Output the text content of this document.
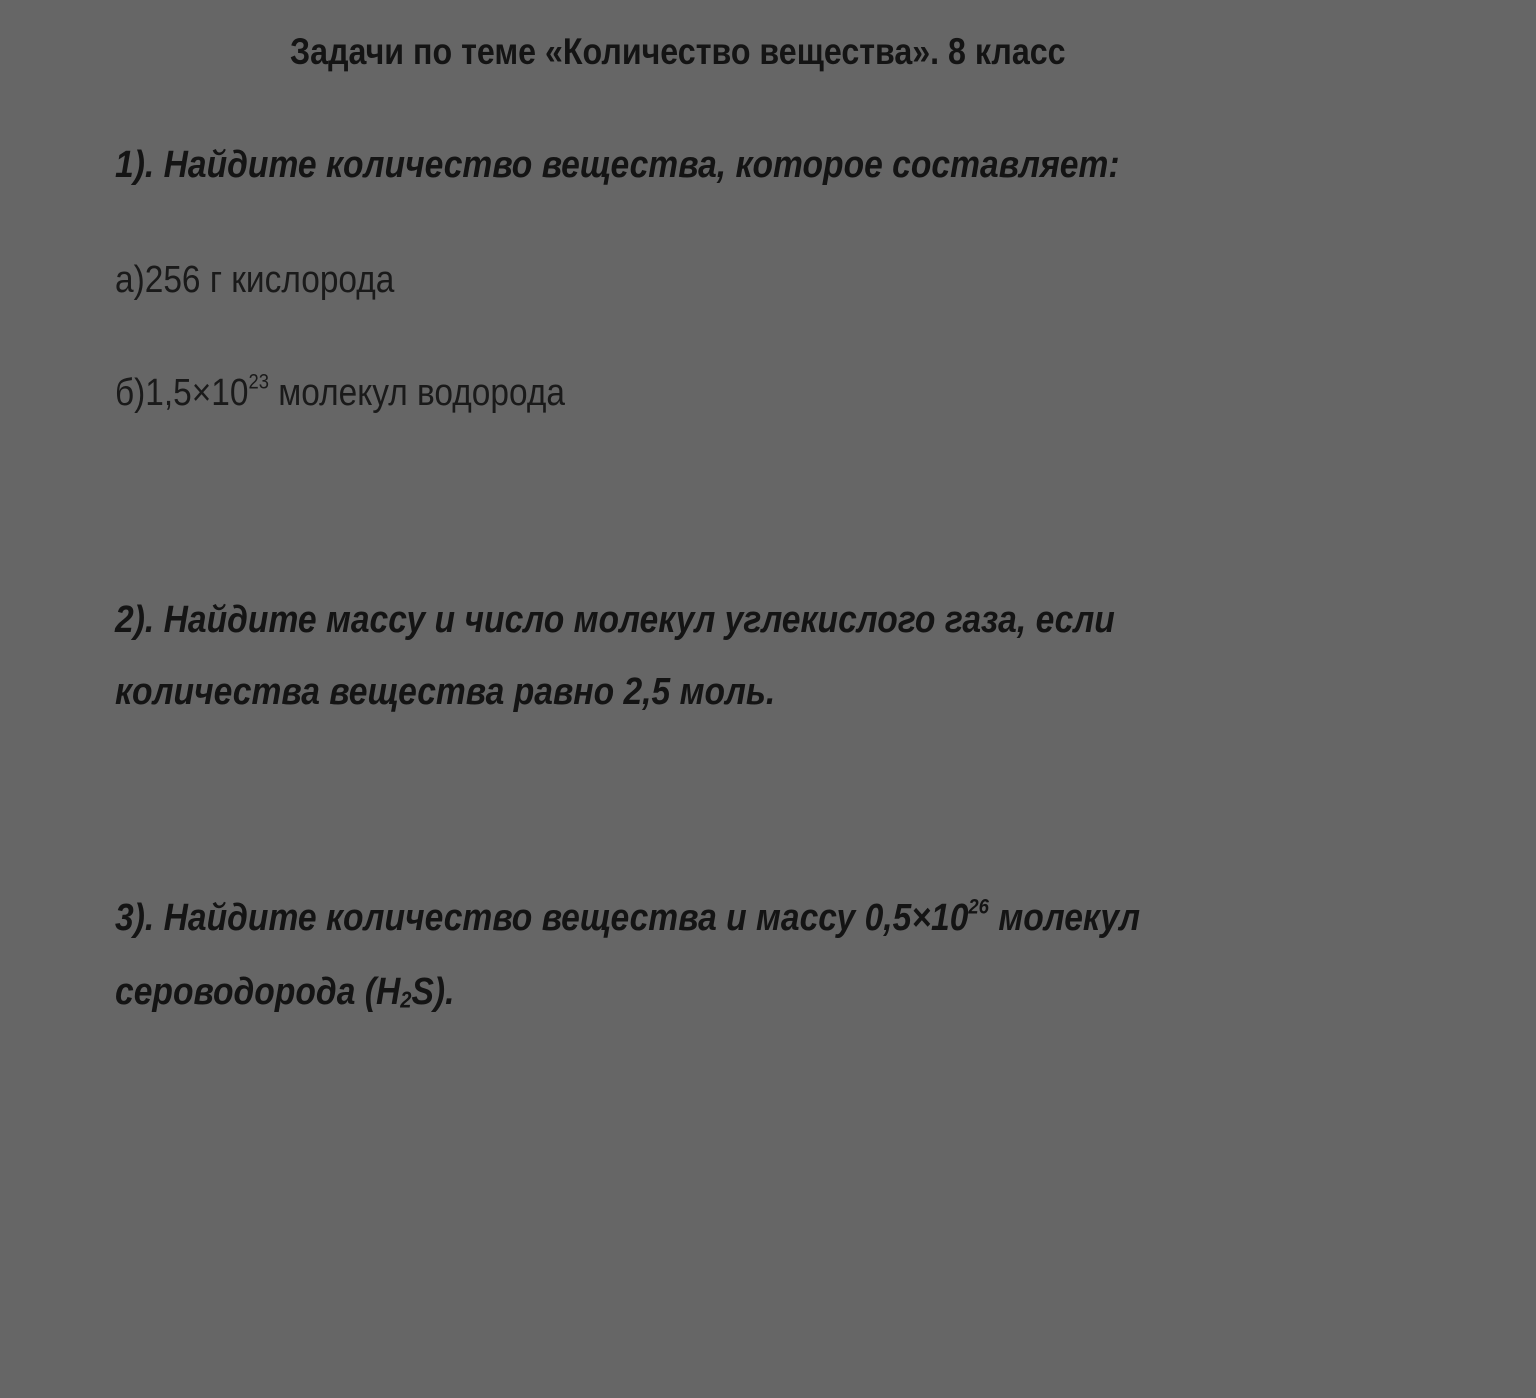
Задачи по теме «Количество вещества». 8 класс
1). Найдите количество вещества, которое составляет:
а)256 г кислорода
$б)1,5\times 10^{23}$ молекул водорода
2). Найдите массу и число молекул углекислого газа, если
количества вещества равно 2,5 моль.
3). Найдите количество вещества и массу $0,5\times 10^{26}$ молекул
сероводорода $(H_2S)$.
